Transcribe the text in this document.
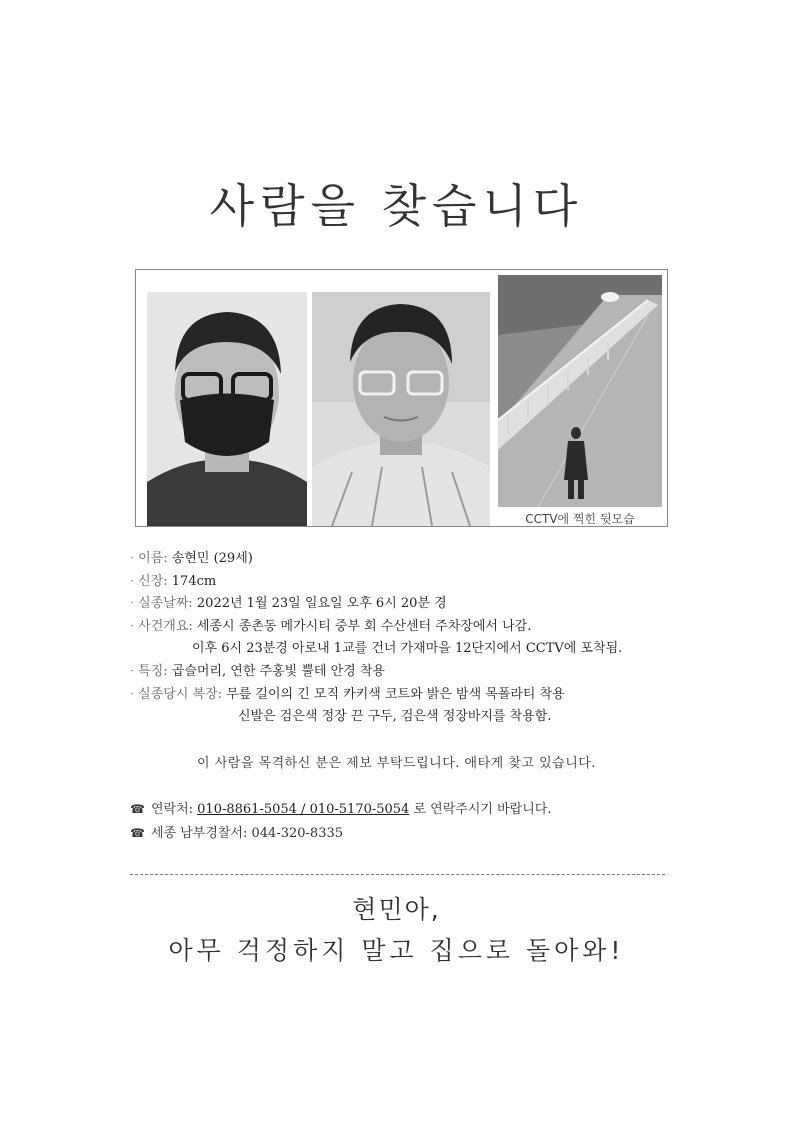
사람을 찾습니다
CCTV에 찍힌 뒷모습
· 이름: 송현민 (29세)
· 신장: 174cm
· 실종날짜: 2022년 1월 23일 일요일 오후 6시 20분 경
· 사건개요: 세종시 종촌동 메가시티 중부 회 수산센터 주차장에서 나감.
이후 6시 23분경 아로내 1교를 건너 가재마을 12단지에서 CCTV에 포착됨.
· 특징: 곱슬머리, 연한 주홍빛 뿔테 안경 착용
· 실종당시 복장: 무릎 길이의 긴 모직 카키색 코트와 밝은 밤색 목폴라티 착용
신발은 검은색 정장 끈 구두, 검은색 정장바지를 착용함.
이 사람을 목격하신 분은 제보 부탁드립니다. 애타게 찾고 있습니다.
☎ 연락처: 010-8861-5054 / 010-5170-5054 로 연락주시기 바랍니다.
☎ 세종 남부경찰서: 044-320-8335
현민아,
아무 걱정하지 말고 집으로 돌아와!
